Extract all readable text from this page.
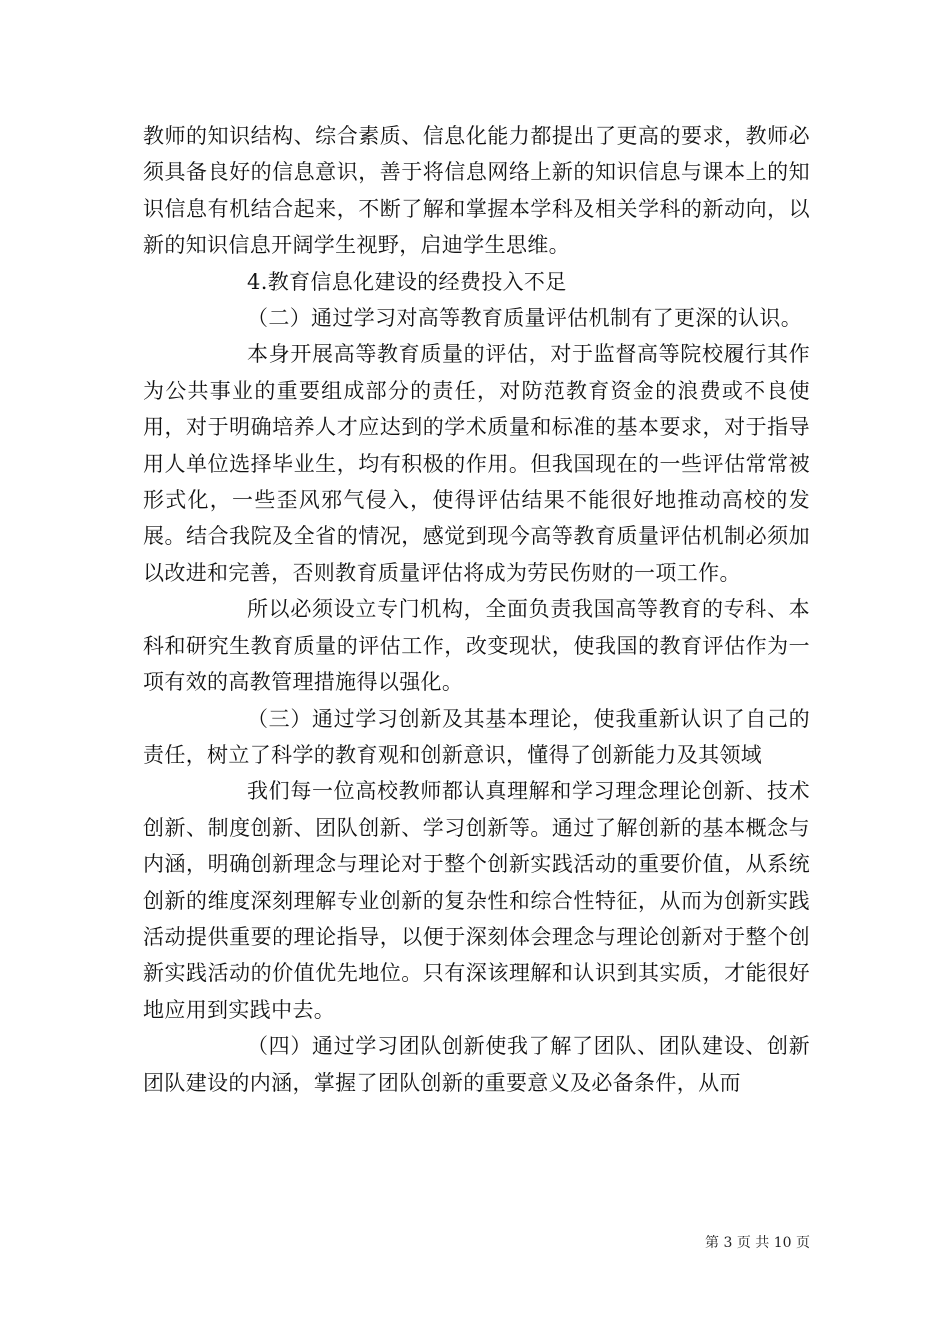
教师的知识结构、综合素质、信息化能力都提出了更高的要求，教师必须具备良好的信息意识，善于将信息网络上新的知识信息与课本上的知识信息有机结合起来，不断了解和掌握本学科及相关学科的新动向，以新的知识信息开阔学生视野，启迪学生思维。

4.教育信息化建设的经费投入不足

（二）通过学习对高等教育质量评估机制有了更深的认识。

本身开展高等教育质量的评估，对于监督高等院校履行其作为公共事业的重要组成部分的责任，对防范教育资金的浪费或不良使用，对于明确培养人才应达到的学术质量和标准的基本要求，对于指导用人单位选择毕业生，均有积极的作用。但我国现在的一些评估常常被形式化，一些歪风邪气侵入，使得评估结果不能很好地推动高校的发展。结合我院及全省的情况，感觉到现今高等教育质量评估机制必须加以改进和完善，否则教育质量评估将成为劳民伤财的一项工作。

所以必须设立专门机构，全面负责我国高等教育的专科、本科和研究生教育质量的评估工作，改变现状，使我国的教育评估作为一项有效的高教管理措施得以强化。

（三）通过学习创新及其基本理论，使我重新认识了自己的责任，树立了科学的教育观和创新意识，懂得了创新能力及其领域

我们每一位高校教师都认真理解和学习理念理论创新、技术创新、制度创新、团队创新、学习创新等。通过了解创新的基本概念与内涵，明确创新理念与理论对于整个创新实践活动的重要价值，从系统创新的维度深刻理解专业创新的复杂性和综合性特征，从而为创新实践活动提供重要的理论指导，以便于深刻体会理念与理论创新对于整个创新实践活动的价值优先地位。只有深该理解和认识到其实质，才能很好地应用到实践中去。

（四）通过学习团队创新使我了解了团队、团队建设、创新团队建设的内涵，掌握了团队创新的重要意义及必备条件，从而

第 3 页 共 10 页
